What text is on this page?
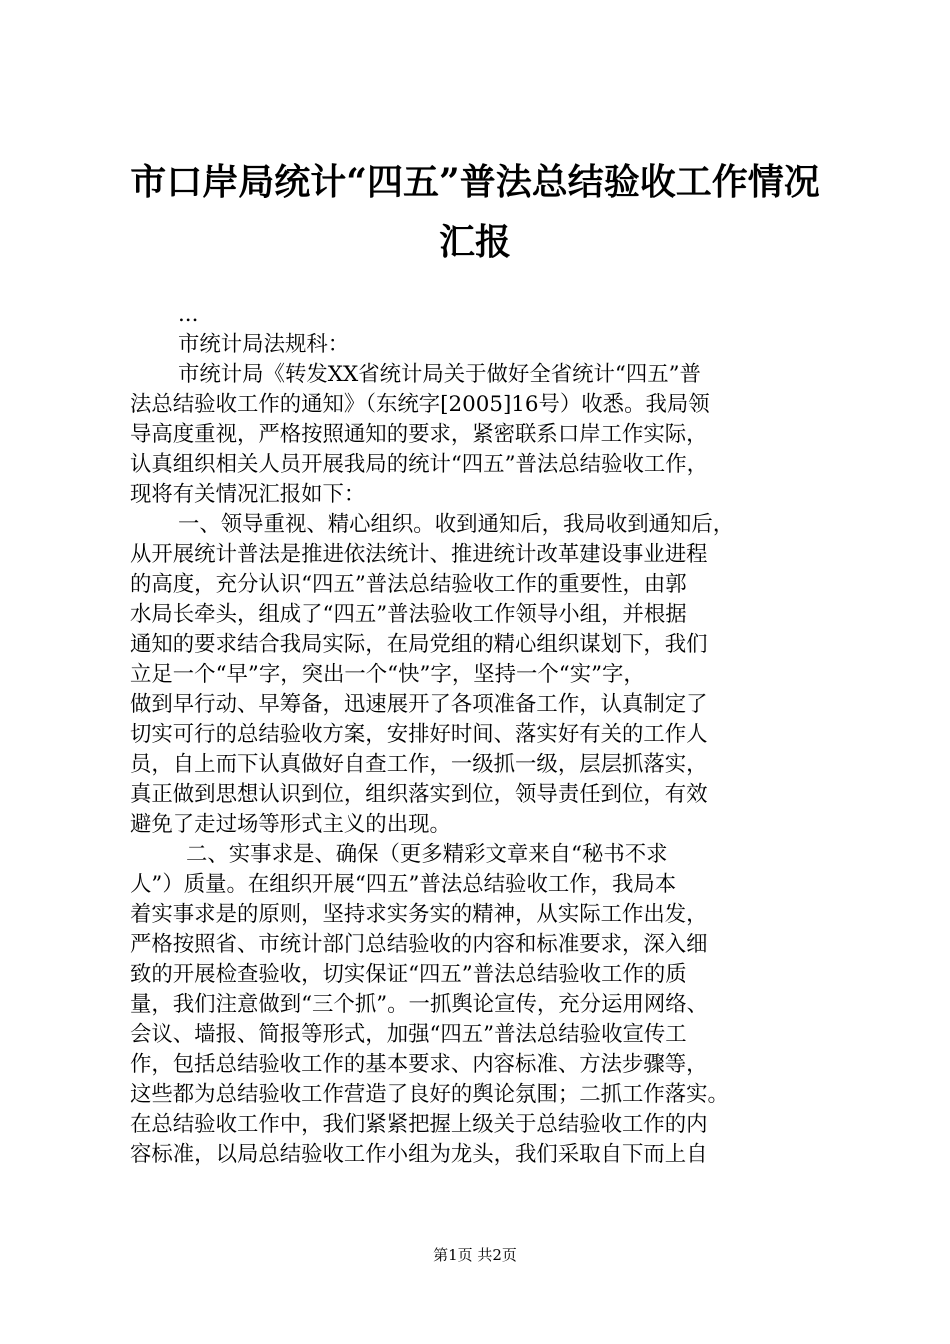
市口岸局统计“四五”普法总结验收工作情况
汇报
...
市统计局法规科：
市统计局《转发XX省统计局关于做好全省统计“四五”普
法总结验收工作的通知》（东统字[2005]16号）收悉。我局领
导高度重视，严格按照通知的要求，紧密联系口岸工作实际，
认真组织相关人员开展我局的统计“四五”普法总结验收工作，
现将有关情况汇报如下：
一、领导重视、精心组织。收到通知后，我局收到通知后，
从开展统计普法是推进依法统计、推进统计改革建设事业进程
的高度，充分认识“四五”普法总结验收工作的重要性，由郭
水局长牵头，组成了“四五”普法验收工作领导小组，并根据
通知的要求结合我局实际，在局党组的精心组织谋划下，我们
立足一个“早”字，突出一个“快”字，坚持一个“实”字，
做到早行动、早筹备，迅速展开了各项准备工作，认真制定了
切实可行的总结验收方案，安排好时间、落实好有关的工作人
员，自上而下认真做好自查工作，一级抓一级，层层抓落实，
真正做到思想认识到位，组织落实到位，领导责任到位，有效
避免了走过场等形式主义的出现。
二、实事求是、确保（更多精彩文章来自“秘书不求
人”）质量。在组织开展“四五”普法总结验收工作，我局本
着实事求是的原则，坚持求实务实的精神，从实际工作出发，
严格按照省、市统计部门总结验收的内容和标准要求，深入细
致的开展检查验收，切实保证“四五”普法总结验收工作的质
量，我们注意做到“三个抓”。一抓舆论宣传，充分运用网络、
会议、墙报、简报等形式，加强“四五”普法总结验收宣传工
作，包括总结验收工作的基本要求、内容标准、方法步骤等，
这些都为总结验收工作营造了良好的舆论氛围；二抓工作落实。
在总结验收工作中，我们紧紧把握上级关于总结验收工作的内
容标准，以局总结验收工作小组为龙头，我们采取自下而上自
第1页 共2页
